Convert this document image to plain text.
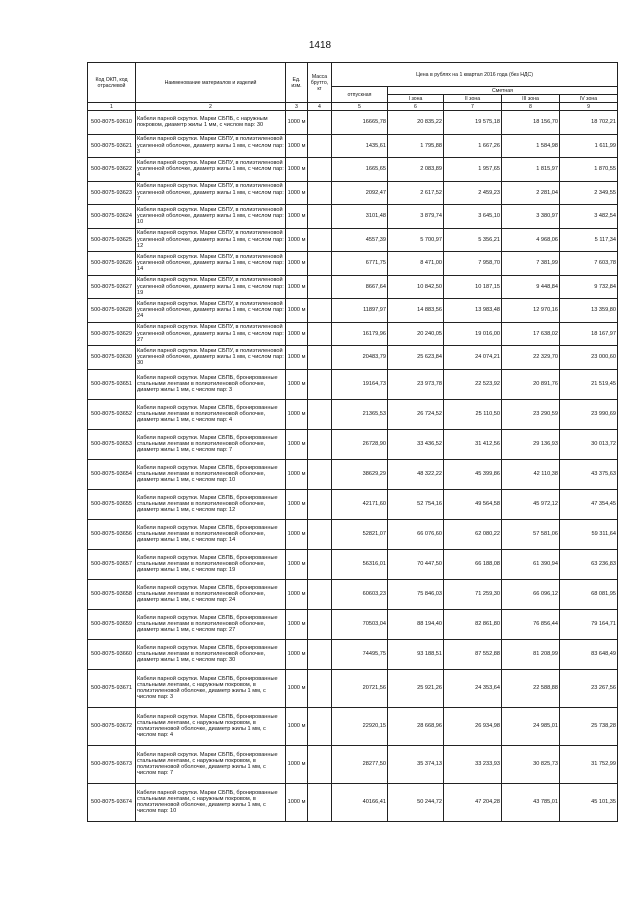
1418
Код ОКП, код отраслевой	Наименование материалов и изделий	Ед. изм.	Масса брутто, кг	Цена в рублях на 1 квартал 2016 года (без НДС)				
				отпускная	Сметная			
					I зона	II зона	III зона	IV зона
1	2	3	4	5	6	7	8	9
500-8075-93610	Кабели парной скрутки. Марки СБПБ, с наружным покровом, диаметр жилы 1 мм, с числом пар: 30	1000 м		16665,78	20 835,22	19 575,18	18 156,70	18 702,21
500-8075-93621	Кабели парной скрутки. Марки СБПУ, в полиэтиленовой усиленной оболочке, диаметр жилы 1 мм, с числом пар: 3	1000 м		1435,61	1 795,88	1 667,26	1 584,98	1 611,99
500-8075-93622	Кабели парной скрутки. Марки СБПУ, в полиэтиленовой усиленной оболочке, диаметр жилы 1 мм, с числом пар: 4	1000 м		1665,65	2 083,89	1 957,65	1 815,97	1 870,55
500-8075-93623	Кабели парной скрутки. Марки СБПУ, в полиэтиленовой усиленной оболочке, диаметр жилы 1 мм, с числом пар: 7	1000 м		2092,47	2 617,52	2 459,23	2 281,04	2 349,55
500-8075-93624	Кабели парной скрутки. Марки СБПУ, в полиэтиленовой усиленной оболочке, диаметр жилы 1 мм, с числом пар: 10	1000 м		3101,48	3 879,74	3 645,10	3 380,97	3 482,54
500-8075-93625	Кабели парной скрутки. Марки СБПУ, в полиэтиленовой усиленной оболочке, диаметр жилы 1 мм, с числом пар: 12	1000 м		4557,39	5 700,97	5 356,21	4 968,06	5 117,34
500-8075-93626	Кабели парной скрутки. Марки СБПУ, в полиэтиленовой усиленной оболочке, диаметр жилы 1 мм, с числом пар: 14	1000 м		6771,75	8 471,00	7 958,70	7 381,99	7 603,78
500-8075-93627	Кабели парной скрутки. Марки СБПУ, в полиэтиленовой усиленной оболочке, диаметр жилы 1 мм, с числом пар: 19	1000 м		8667,64	10 842,50	10 187,15	9 448,84	9 732,84
500-8075-93628	Кабели парной скрутки. Марки СБПУ, в полиэтиленовой усиленной оболочке, диаметр жилы 1 мм, с числом пар: 24	1000 м		11897,97	14 883,56	13 983,48	12 970,16	13 359,80
500-8075-93629	Кабели парной скрутки. Марки СБПУ, в полиэтиленовой усиленной оболочке, диаметр жилы 1 мм, с числом пар: 27	1000 м		16179,96	20 240,05	19 016,00	17 638,02	18 167,97
500-8075-93630	Кабели парной скрутки. Марки СБПУ, в полиэтиленовой усиленной оболочке, диаметр жилы 1 мм, с числом пар: 30	1000 м		20483,79	25 623,84	24 074,21	22 329,70	23 000,60
500-8075-93651	Кабели парной скрутки. Марки СБПБ, бронированные стальными лентами в полиэтиленовой оболочке, диаметр жилы 1 мм, с числом пар: 3	1000 м		19164,73	23 973,78	22 523,92	20 891,76	21 519,45
500-8075-93652	Кабели парной скрутки. Марки СБПБ, бронированные стальными лентами в полиэтиленовой оболочке, диаметр жилы 1 мм, с числом пар: 4	1000 м		21365,53	26 724,52	25 110,50	23 290,59	23 990,69
500-8075-93653	Кабели парной скрутки. Марки СБПБ, бронированные стальными лентами в полиэтиленовой оболочке, диаметр жилы 1 мм, с числом пар: 7	1000 м		26728,90	33 436,52	31 412,56	29 136,93	30 013,72
500-8075-93654	Кабели парной скрутки. Марки СБПБ, бронированные стальными лентами в полиэтиленовой оболочке, диаметр жилы 1 мм, с числом пар: 10	1000 м		38629,29	48 322,22	45 399,86	42 110,38	43 375,63
500-8075-93655	Кабели парной скрутки. Марки СБПБ, бронированные стальными лентами в полиэтиленовой оболочке, диаметр жилы 1 мм, с числом пар: 12	1000 м		42171,60	52 754,16	49 564,58	45 972,12	47 354,45
500-8075-93656	Кабели парной скрутки. Марки СБПБ, бронированные стальными лентами в полиэтиленовой оболочке, диаметр жилы 1 мм, с числом пар: 14	1000 м		52821,07	66 076,60	62 080,22	57 581,06	59 311,64
500-8075-93657	Кабели парной скрутки. Марки СБПБ, бронированные стальными лентами в полиэтиленовой оболочке, диаметр жилы 1 мм, с числом пар: 19	1000 м		56316,01	70 447,50	66 188,08	61 390,94	63 236,83
500-8075-93658	Кабели парной скрутки. Марки СБПБ, бронированные стальными лентами в полиэтиленовой оболочке, диаметр жилы 1 мм, с числом пар: 24	1000 м		60603,23	75 846,03	71 259,30	66 096,12	68 081,95
500-8075-93659	Кабели парной скрутки. Марки СБПБ, бронированные стальными лентами в полиэтиленовой оболочке, диаметр жилы 1 мм, с числом пар: 27	1000 м		70503,04	88 194,40	82 861,80	76 856,44	79 164,71
500-8075-93660	Кабели парной скрутки. Марки СБПБ, бронированные стальными лентами в полиэтиленовой оболочке, диаметр жилы 1 мм, с числом пар: 30	1000 м		74495,75	93 188,51	87 552,88	81 208,99	83 648,49
500-8075-93671	Кабели парной скрутки. Марки СБПБ, бронированные стальными лентами, с наружным покровом, в полиэтиленовой оболочке, диаметр жилы 1 мм, с числом пар: 3	1000 м		20721,56	25 921,26	24 353,64	22 588,88	23 267,56
500-8075-93672	Кабели парной скрутки. Марки СБПБ, бронированные стальными лентами, с наружным покровом, в полиэтиленовой оболочке, диаметр жилы 1 мм, с числом пар: 4	1000 м		22920,15	28 668,96	26 934,98	24 985,01	25 738,28
500-8075-93673	Кабели парной скрутки. Марки СБПБ, бронированные стальными лентами, с наружным покровом, в полиэтиленовой оболочке, диаметр жилы 1 мм, с числом пар: 7	1000 м		28277,50	35 374,13	33 233,93	30 825,73	31 752,99
500-8075-93674	Кабели парной скрутки. Марки СБПБ, бронированные стальными лентами, с наружным покровом, в полиэтиленовой оболочке, диаметр жилы 1 мм, с числом пар: 10	1000 м		40166,41	50 244,72	47 204,28	43 785,01	45 101,35
